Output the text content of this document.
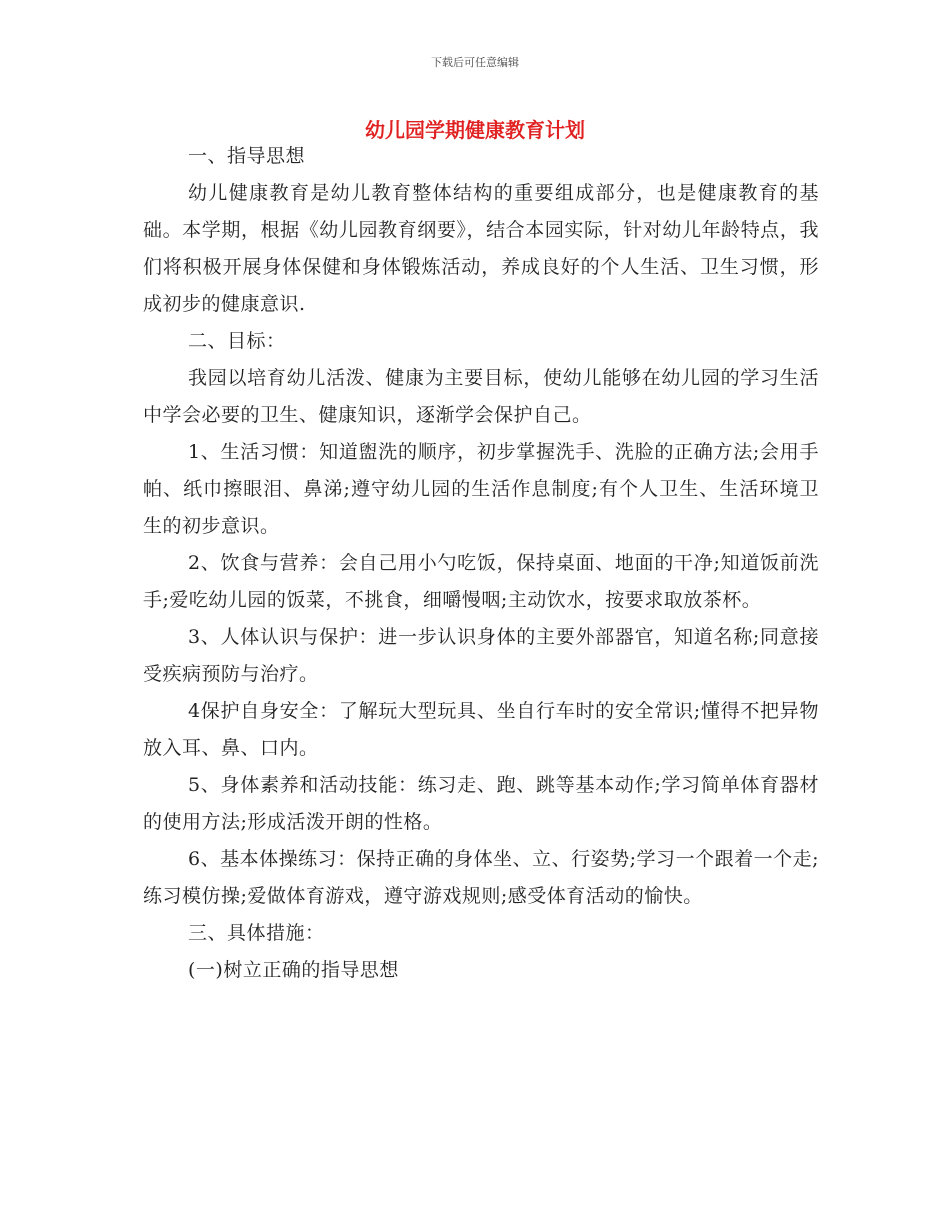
下载后可任意编辑
幼儿园学期健康教育计划

一、指导思想

幼儿健康教育是幼儿教育整体结构的重要组成部分，也是健康教育的基础。本学期，根据《幼儿园教育纲要》，结合本园实际，针对幼儿年龄特点，我们将积极开展身体保健和身体锻炼活动，养成良好的个人生活、卫生习惯，形成初步的健康意识.

二、目标：

我园以培育幼儿活泼、健康为主要目标，使幼儿能够在幼儿园的学习生活中学会必要的卫生、健康知识，逐渐学会保护自己。

1、生活习惯：知道盥洗的顺序，初步掌握洗手、洗脸的正确方法;会用手帕、纸巾擦眼泪、鼻涕;遵守幼儿园的生活作息制度;有个人卫生、生活环境卫生的初步意识。

2、饮食与营养：会自己用小勺吃饭，保持桌面、地面的干净;知道饭前洗手;爱吃幼儿园的饭菜，不挑食，细嚼慢咽;主动饮水，按要求取放茶杯。

3、人体认识与保护：进一步认识身体的主要外部器官，知道名称;同意接受疾病预防与治疗。

4保护自身安全：了解玩大型玩具、坐自行车时的安全常识;懂得不把异物放入耳、鼻、口内。

5、身体素养和活动技能：练习走、跑、跳等基本动作;学习简单体育器材的使用方法;形成活泼开朗的性格。

6、基本体操练习：保持正确的身体坐、立、行姿势;学习一个跟着一个走;练习模仿操;爱做体育游戏，遵守游戏规则;感受体育活动的愉快。

三、具体措施：

(一)树立正确的指导思想
